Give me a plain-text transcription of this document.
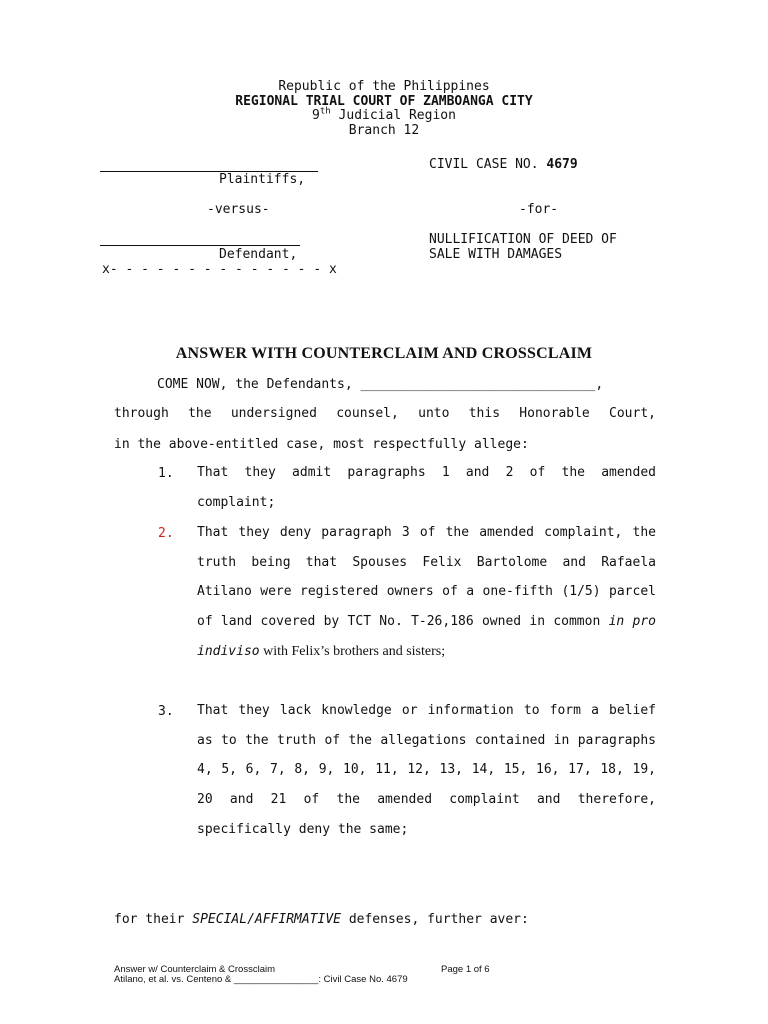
Republic of the Philippines
REGIONAL TRIAL COURT OF ZAMBOANGA CITY
9th Judicial Region
Branch 12
Plaintiffs,
-versus-
Defendant,
x- - - - - - - - - - - - - - x
CIVIL CASE NO. 4679
-for-
NULLIFICATION OF DEED OF
SALE WITH DAMAGES
ANSWER WITH COUNTERCLAIM AND CROSSCLAIM
COME NOW, the Defendants, ______________________________,
through the undersigned counsel, unto this Honorable Court,
in the above-entitled case, most respectfully allege:
1. That they admit paragraphs 1 and 2 of the amended complaint;
2. That they deny paragraph 3 of the amended complaint, the truth being that Spouses Felix Bartolome and Rafaela Atilano were registered owners of a one-fifth (1/5) parcel of land covered by TCT No. T-26,186 owned in common in pro indiviso with Felix’s brothers and sisters;
3. That they lack knowledge or information to form a belief as to the truth of the allegations contained in paragraphs 4, 5, 6, 7, 8, 9, 10, 11, 12, 13, 14, 15, 16, 17, 18, 19, 20 and 21 of the amended complaint and therefore, specifically deny the same;
for their SPECIAL/AFFIRMATIVE defenses, further aver:
Answer w/ Counterclaim & Crossclaim	Page 1 of 6
Atilano, et al. vs. Centeno & ________________: Civil Case No. 4679
